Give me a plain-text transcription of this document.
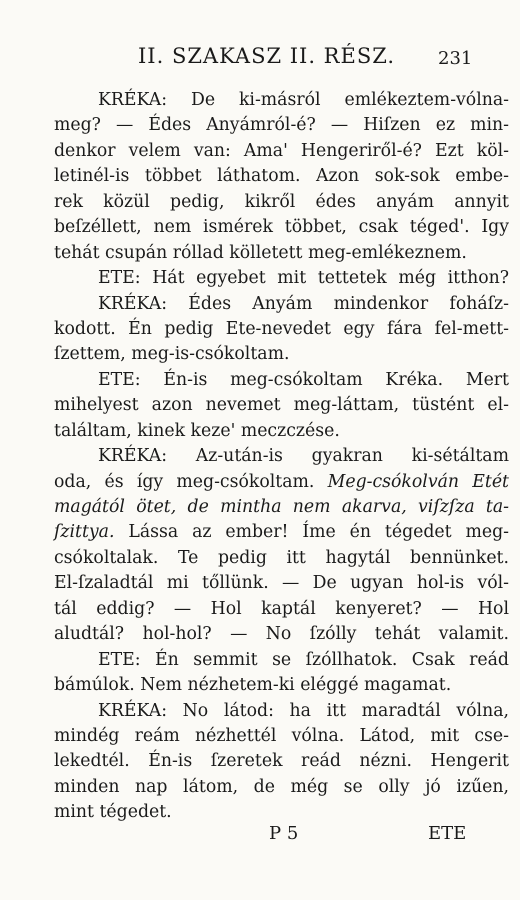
II. SZAKASZ II. RÉSZ. 231
KRÉKA: De ki-másról emlékeztem-vólna-
meg? — Édes Anyámról-é? — Hiſzen ez min-
denkor velem van: Ama' Hengeriről-é? Ezt köl-
letinél-is többet láthatom. Azon sok-sok embe-
rek közül pedig, kikről édes anyám annyit
beſzéllett, nem ismérek többet, csak téged'. Igy
tehát csupán róllad kölletett meg-emlékeznem.
ETE: Hát egyebet mit tettetek még itthon?
KRÉKA: Édes Anyám mindenkor foháſz-
kodott. Én pedig Ete-nevedet egy fára fel-mett-
ſzettem, meg-is-csókoltam.
ETE: Én-is meg-csókoltam Kréka. Mert
mihelyest azon nevemet meg-láttam, tüstént el-
találtam, kinek keze' meczczése.
KRÉKA: Az-után-is gyakran ki-sétáltam
oda, és így meg-csókoltam. Meg-csókolván Etét
magától ötet, de mintha nem akarva, viſzſza ta-
ſzittya. Lássa az ember! Íme én tégedet meg-
csókoltalak. Te pedig itt hagytál bennünket.
El-ſzaladtál mi tőllünk. — De ugyan hol-is vól-
tál eddig? — Hol kaptál kenyeret? — Hol
aludtál? hol-hol? — No ſzólly tehát valamit.
ETE: Én semmit se ſzóllhatok. Csak reád
bámúlok. Nem nézhetem-ki eléggé magamat.
KRÉKA: No látod: ha itt maradtál vólna,
mindég reám nézhettél vólna. Látod, mit cse-
lekedtél. Én-is ſzeretek reád nézni. Hengerit
minden nap látom, de még se olly jó izűen,
mint tégedet.
P 5	ETE
